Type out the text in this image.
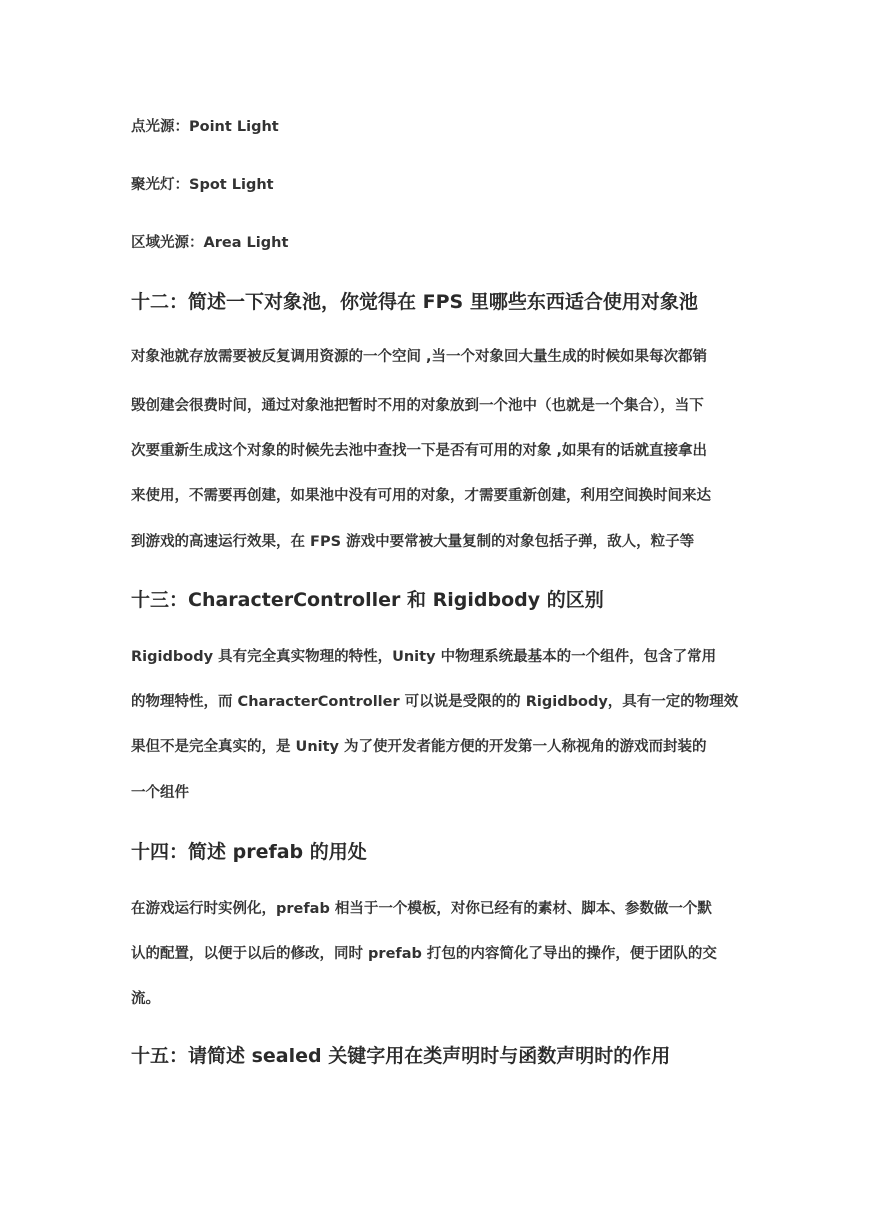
点光源：Point Light
聚光灯：Spot Light
区域光源：Area Light
十二：简述一下对象池，你觉得在 FPS 里哪些东西适合使用对象池
对象池就存放需要被反复调用资源的一个空间 ,当一个对象回大量生成的时候如果每次都销
毁创建会很费时间，通过对象池把暂时不用的对象放到一个池中（也就是一个集合），当下
次要重新生成这个对象的时候先去池中查找一下是否有可用的对象 ,如果有的话就直接拿出
来使用，不需要再创建，如果池中没有可用的对象，才需要重新创建，利用空间换时间来达
到游戏的高速运行效果，在 FPS 游戏中要常被大量复制的对象包括子弹，敌人，粒子等
十三：CharacterController 和 Rigidbody 的区别
Rigidbody 具有完全真实物理的特性，Unity 中物理系统最基本的一个组件，包含了常用
的物理特性，而 CharacterController 可以说是受限的的 Rigidbody，具有一定的物理效
果但不是完全真实的，是 Unity 为了使开发者能方便的开发第一人称视角的游戏而封装的
一个组件
十四：简述 prefab 的用处
在游戏运行时实例化，prefab 相当于一个模板，对你已经有的素材、脚本、参数做一个默
认的配置，以便于以后的修改，同时 prefab 打包的内容简化了导出的操作，便于团队的交
流。
十五：请简述 sealed 关键字用在类声明时与函数声明时的作用
